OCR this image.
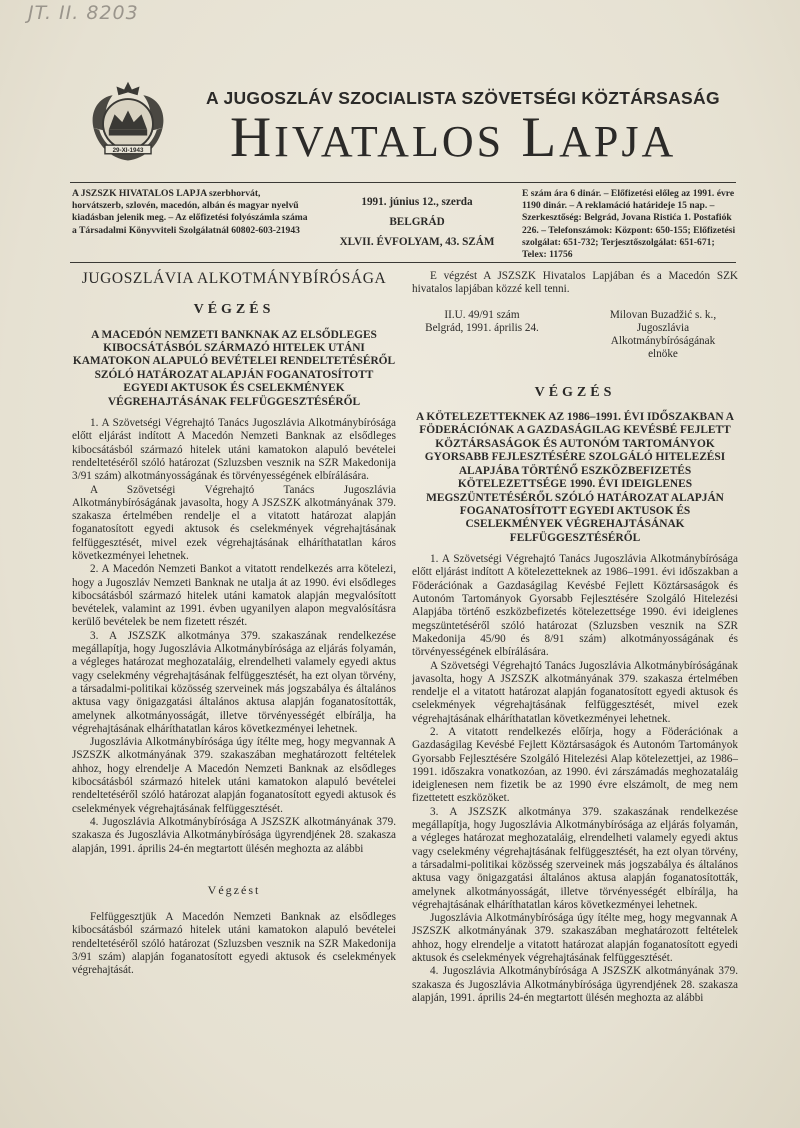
JT. II. 8203
29-XI-1943
A JUGOSZLÁV SZOCIALISTA SZÖVETSÉGI KÖZTÁRSASÁG
HIVATALOS LAPJA
A JSZSZK HIVATALOS LAPJA szerbhorvát, horvátszerb, szlovén, macedón, albán és magyar nyelvű kiadásban jelenik meg. – Az előfizetési folyószámla száma a Társadalmi Könyvviteli Szolgálatnál 60802-603-21943
1991. június 12., szerda
BELGRÁD
XLVII. ÉVFOLYAM, 43. SZÁM
E szám ára 6 dinár. – Előfizetési előleg az 1991. évre 1190 dinár. – A reklamáció határideje 15 nap. – Szerkesztőség: Belgrád, Jovana Ristića 1. Postafiók 226. – Telefonszámok: Központ: 650-155; Előfizetési szolgálat: 651-732; Terjesztőszolgálat: 651-671; Telex: 11756
JUGOSZLÁVIA ALKOTMÁNYBÍRÓSÁGA
VÉGZÉS
A MACEDÓN NEMZETI BANKNAK AZ ELSŐDLEGES KIBOCSÁTÁSBÓL SZÁRMAZÓ HITELEK UTÁNI KAMATOKON ALAPULÓ BEVÉTELEI RENDELTETÉSÉRŐL SZÓLÓ HATÁROZAT ALAPJÁN FOGANATOSÍTOTT EGYEDI AKTUSOK ÉS CSELEKMÉNYEK VÉGREHAJTÁSÁNAK FELFÜGGESZTÉSÉRŐL

1. A Szövetségi Végrehajtó Tanács Jugoszlávia Alkotmánybírósága előtt eljárást indított A Macedón Nemzeti Banknak az elsődleges kibocsátásból származó hitelek utáni kamatokon alapuló bevételei rendeltetéséről szóló határozat (Szluzsben vesznik na SZR Makedonija 3/91 szám) alkotmányosságának és törvényességének elbírálására.

A Szövetségi Végrehajtó Tanács Jugoszlávia Alkotmánybíróságának javasolta, hogy A JSZSZK alkotmányának 379. szakasza értelmében rendelje el a vitatott határozat alapján foganatosított egyedi aktusok és cselekmények végrehajtásának felfüggesztését, mivel ezek végrehajtásának elháríthatatlan káros következményei lehetnek.

2. A Macedón Nemzeti Bankot a vitatott rendelkezés arra kötelezi, hogy a Jugoszláv Nemzeti Banknak ne utalja át az 1990. évi elsődleges kibocsátásból származó hitelek utáni kamatok alapján megvalósított bevételek, valamint az 1991. évben ugyanilyen alapon megvalósításra kerülő bevételek be nem fizetett részét.

3. A JSZSZK alkotmánya 379. szakaszának rendelkezése megállapítja, hogy Jugoszlávia Alkotmánybírósága az eljárás folyamán, a végleges határozat meghozataláig, elrendelheti valamely egyedi aktus vagy cselekmény végrehajtásának felfüggesztését, ha ezt olyan törvény, a társadalmi-politikai közösség szerveinek más jogszabálya és általános aktusa vagy önigazgatási általános aktusa alapján foganatosították, amelynek alkotmányosságát, illetve törvényességét elbírálja, ha végrehajtásának elháríthatatlan káros következményei lehetnek.

Jugoszlávia Alkotmánybírósága úgy ítélte meg, hogy megvannak A JSZSZK alkotmányának 379. szakaszában meghatározott feltételek ahhoz, hogy elrendelje A Macedón Nemzeti Banknak az elsődleges kibocsátásból származó hitelek utáni kamatokon alapuló bevételei rendeltetéséről szóló határozat alapján foganatosított egyedi aktusok és cselekmények végrehajtásának felfüggesztését.

4. Jugoszlávia Alkotmánybírósága A JSZSZK alkotmányának 379. szakasza és Jugoszlávia Alkotmánybírósága ügyrendjének 28. szakasza alapján, 1991. április 24-én megtartott ülésén meghozta az alábbi

Végzést

Felfüggesztjük A Macedón Nemzeti Banknak az elsődleges kibocsátásból származó hitelek utáni kamatokon alapuló bevételei rendeltetéséről szóló határozat (Szluzsben vesznik na SZR Makedonija 3/91 szám) alapján foganatosított egyedi aktusok és cselekmények végrehajtását.

E végzést A JSZSZK Hivatalos Lapjában és a Macedón SZK hivatalos lapjában közzé kell tenni.

II.U. 49/91 szám
Belgrád, 1991. április 24.
Milovan Buzadžić s. k.,
Jugoszlávia
Alkotmánybíróságának
elnöke
VÉGZÉS
A KÖTELEZETTEKNEK AZ 1986–1991. ÉVI IDŐSZAKBAN A FÖDERÁCIÓNAK A GAZDASÁGILAG KEVÉSBÉ FEJLETT KÖZTÁRSASÁGOK ÉS AUTONÓM TARTOMÁNYOK GYORSABB FEJLESZTÉSÉRE SZOLGÁLÓ HITELEZÉSI ALAPJÁBA TÖRTÉNŐ ESZKÖZBEFIZETÉS KÖTELEZETTSÉGE 1990. ÉVI IDEIGLENES MEGSZÜNTETÉSÉRŐL SZÓLÓ HATÁROZAT ALAPJÁN FOGANATOSÍTOTT EGYEDI AKTUSOK ÉS CSELEKMÉNYEK VÉGREHAJTÁSÁNAK FELFÜGGESZTÉSÉRŐL

1. A Szövetségi Végrehajtó Tanács Jugoszlávia Alkotmánybírósága előtt eljárást indított A kötelezetteknek az 1986–1991. évi időszakban a Föderációnak a Gazdaságilag Kevésbé Fejlett Köztársaságok és Autonóm Tartományok Gyorsabb Fejlesztésére Szolgáló Hitelezési Alapjába történő eszközbefizetés kötelezettsége 1990. évi ideiglenes megszüntetéséről szóló határozat (Szluzsben vesznik na SZR Makedonija 45/90 és 8/91 szám) alkotmányosságának és törvényességének elbírálására.

A Szövetségi Végrehajtó Tanács Jugoszlávia Alkotmánybíróságának javasolta, hogy A JSZSZK alkotmányának 379. szakasza értelmében rendelje el a vitatott határozat alapján foganatosított egyedi aktusok és cselekmények végrehajtásának felfüggesztését, mivel ezek végrehajtásának elháríthatatlan következményei lehetnek.

2. A vitatott rendelkezés előírja, hogy a Föderációnak a Gazdaságilag Kevésbé Fejlett Köztársaságok és Autonóm Tartományok Gyorsabb Fejlesztésére Szolgáló Hitelezési Alap kötelezettjei, az 1986–1991. időszakra vonatkozóan, az 1990. évi zárszámadás meghozataláig ideiglenesen nem fizetik be az 1990 évre elszámolt, de meg nem fizettetett eszközöket.

3. A JSZSZK alkotmánya 379. szakaszának rendelkezése megállapítja, hogy Jugoszlávia Alkotmánybírósága az eljárás folyamán, a végleges határozat meghozataláig, elrendelheti valamely egyedi aktus vagy cselekmény végrehajtásának felfüggesztését, ha ezt olyan törvény, a társadalmi-politikai közösség szerveinek más jogszabálya és általános aktusa vagy önigazgatási általános aktusa alapján foganatosították, amelynek alkotmányosságát, illetve törvényességét elbírálja, ha végrehajtásának elháríthatatlan káros következményei lehetnek.

Jugoszlávia Alkotmánybírósága úgy ítélte meg, hogy megvannak A JSZSZK alkotmányának 379. szakaszában meghatározott feltételek ahhoz, hogy elrendelje a vitatott határozat alapján foganatosított egyedi aktusok és cselekmények végrehajtásának felfüggesztését.

4. Jugoszlávia Alkotmánybírósága A JSZSZK alkotmányának 379. szakasza és Jugoszlávia Alkotmánybírósága ügyrendjének 28. szakasza alapján, 1991. április 24-én megtartott ülésén meghozta az alábbi
